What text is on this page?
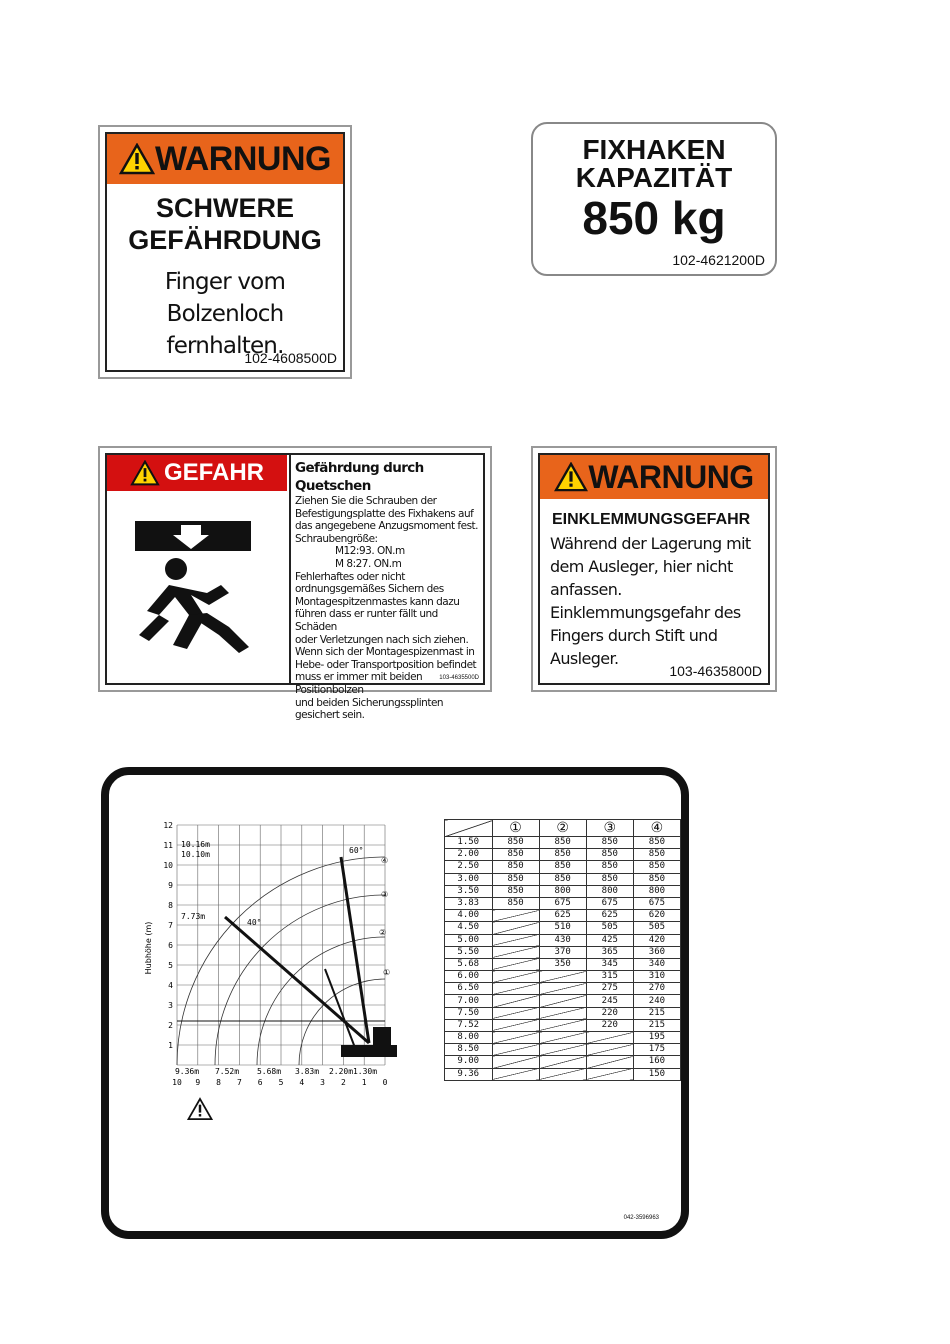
WARNUNG
SCHWERE
GEFÄHRDUNG
Finger vom
Bolzenloch fernhalten.
102-4608500D
FIXHAKEN
KAPAZITÄT
850 kg
102-4621200D
GEFAHR Gefährdung durch Quetschen
Ziehen Sie die Schrauben der
Befestigungsplatte des Fixhakens auf
das angegebene Anzugsmoment fest.
Schraubengröße:
M12:93. ON.m
M 8:27. ON.m
Fehlerhaftes oder nicht
ordnungsgemäßes Sichern des
Montagespitzenmastes kann dazu
führen dass er runter fällt und Schäden
oder Verletzungen nach sich ziehen.
Wenn sich der Montagespizenmast in
Hebe- oder Transportposition befindet
muss er immer mit beiden Positionbolzen
und beiden Sicherungssplinten
gesichert sein.
103-4635500D
WARNUNG
EINKLEMMUNGSGEFAHR
Während der Lagerung mit
dem Ausleger, hier nicht
anfassen.
Einklemmungsgefahr des
Fingers durch Stift und
Ausleger.
103-4635800D
Hubhöhe (m)
1
2
3
4
5
6
7
8
9
10
11
12
10 9 8 7 6 5 4 3 2 1 0
9.36m 7.52m 5.68m 3.83m 2.20m 1.30m
10.16m
10.10m
7.73m
60°
40°
④
③
②
①
	①	②	③	④
1.50	850	850	850	850
2.00	850	850	850	850
2.50	850	850	850	850
3.00	850	850	850	850
3.50	850	800	800	800
3.83	850	675	675	675
4.00		625	625	620
4.50		510	505	505
5.00		430	425	420
5.50		370	365	360
5.68		350	345	340
6.00			315	310
6.50			275	270
7.00			245	240
7.50			220	215
7.52			220	215
8.00				195
8.50				175
9.00				160
9.36				150
042-3596963
